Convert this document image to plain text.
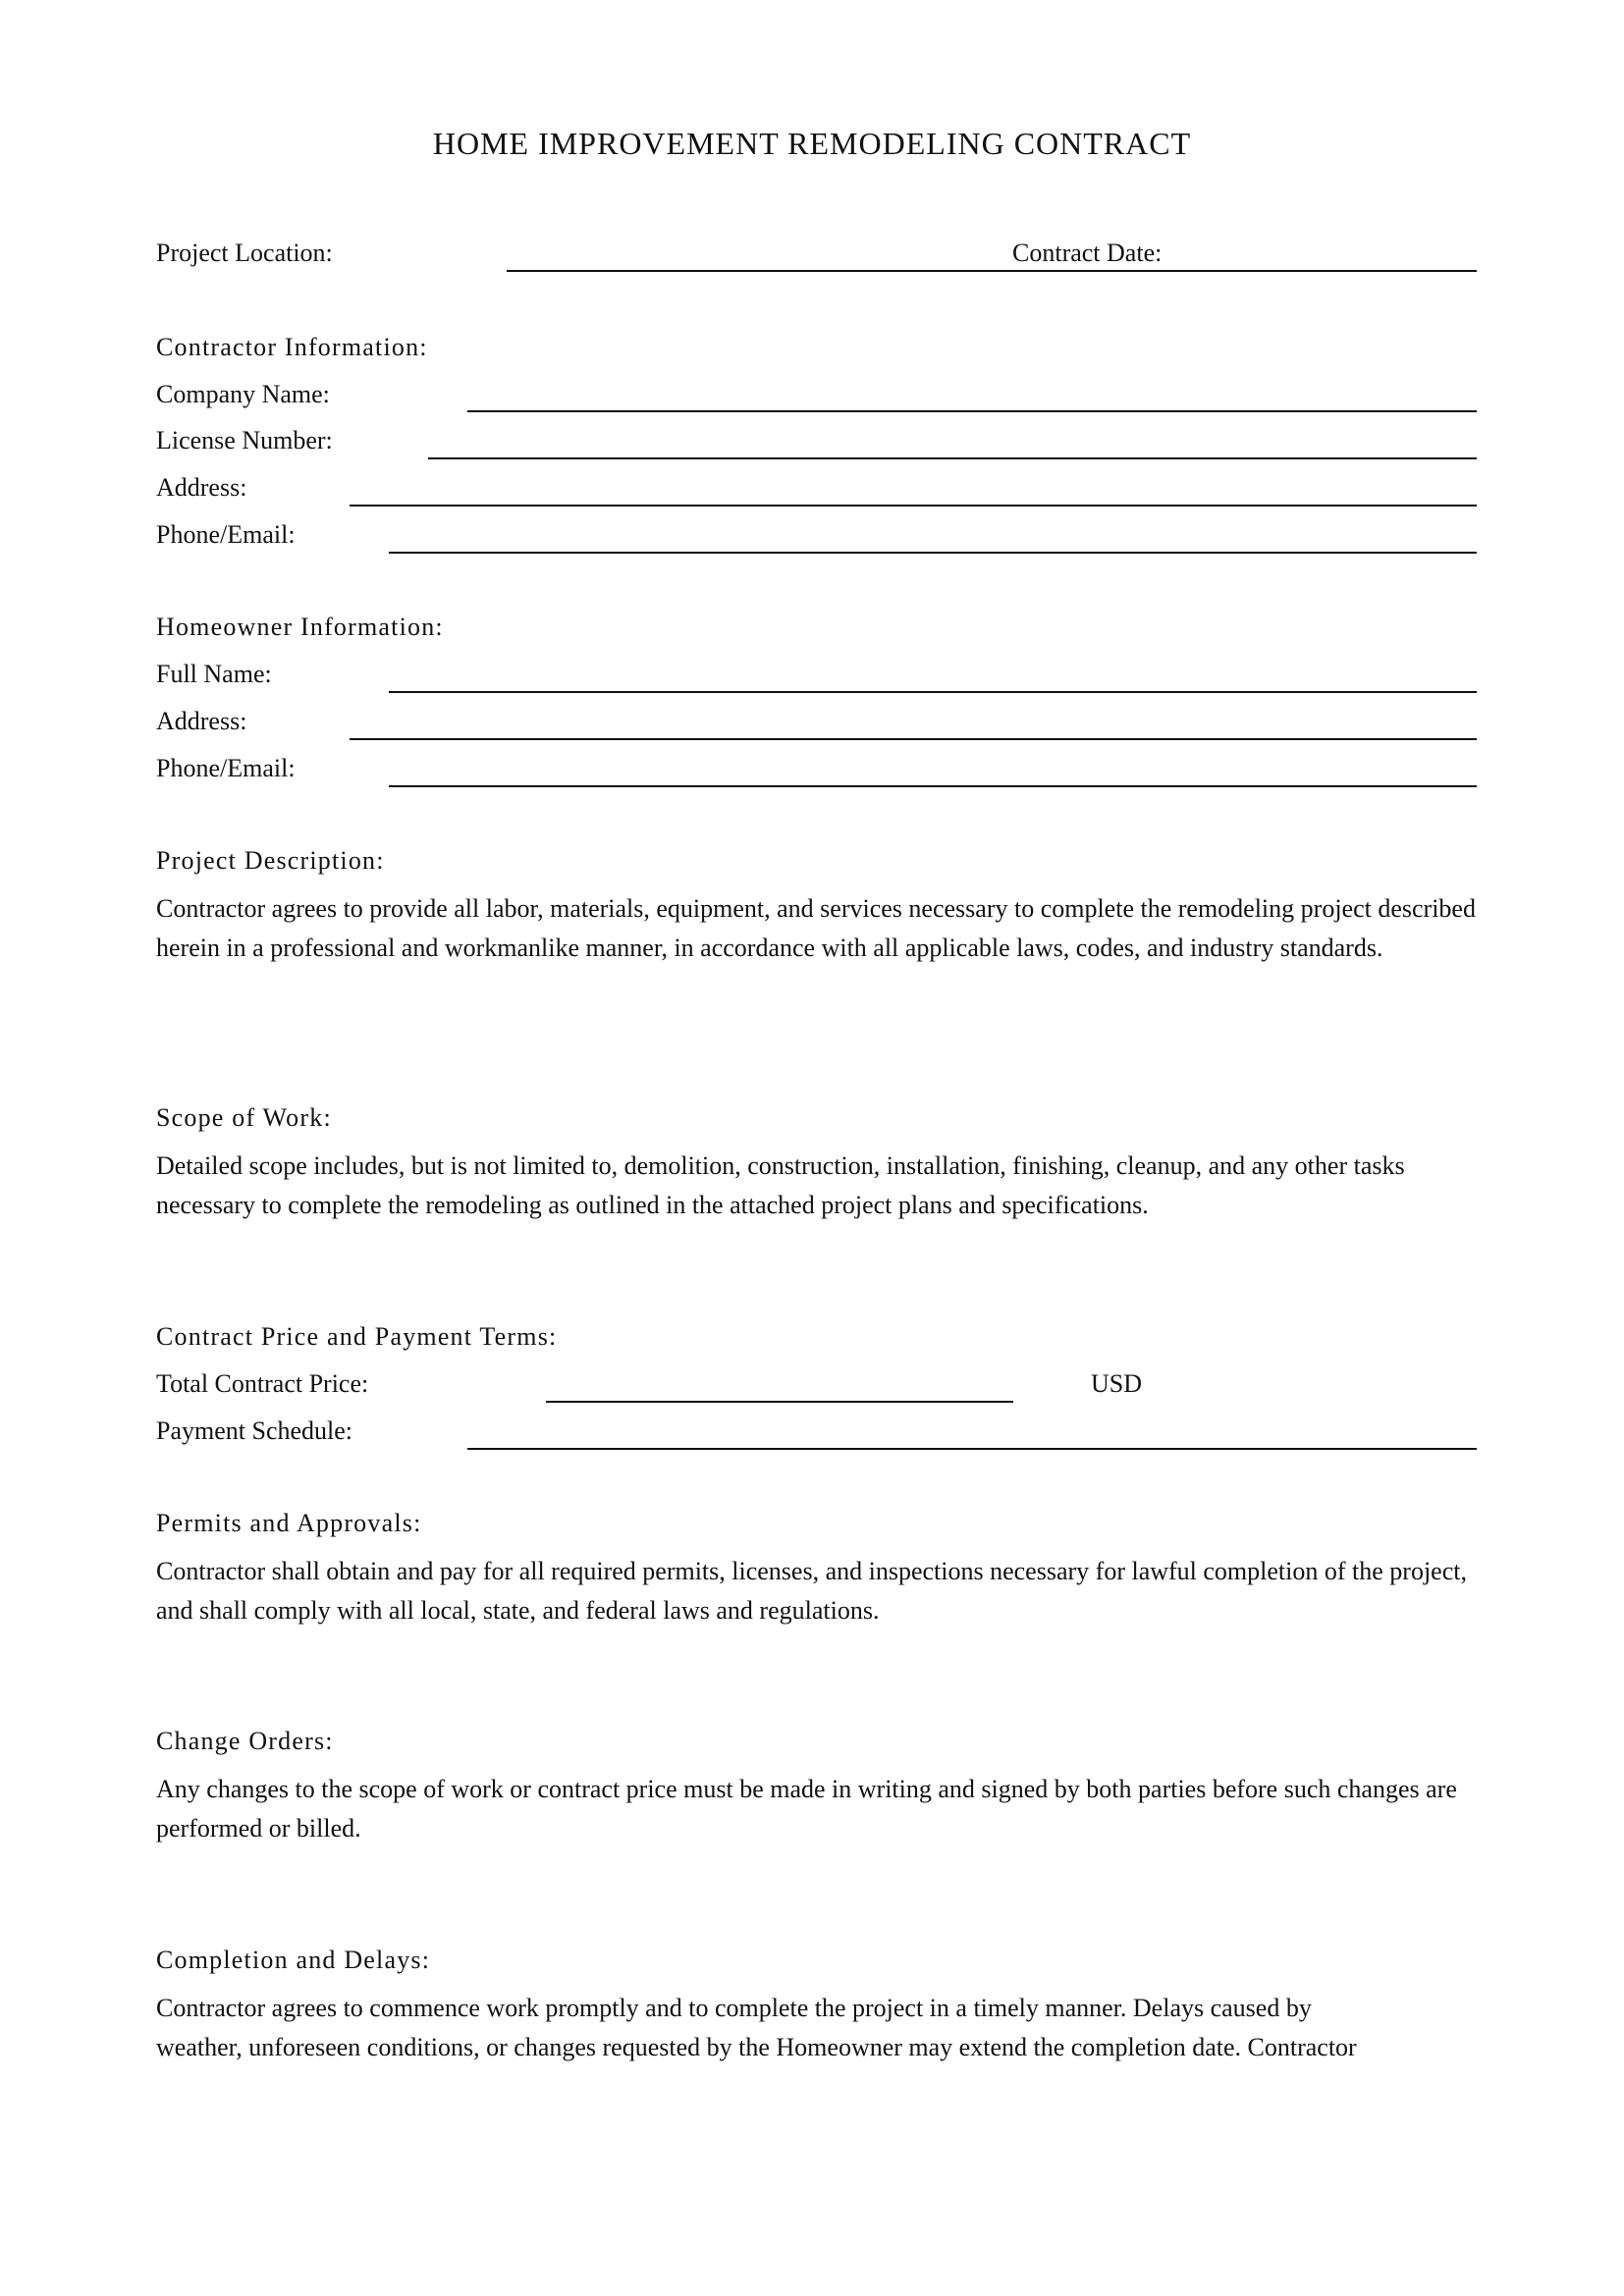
HOME IMPROVEMENT REMODELING CONTRACT
Project Location:	Contract Date:
Contractor Information:
Company Name:
License Number:
Address:
Phone/Email:
Homeowner Information:
Full Name:
Address:
Phone/Email:
Project Description:
Contractor agrees to provide all labor, materials, equipment, and services necessary to complete the remodeling project described herein in a professional and workmanlike manner, in accordance with all applicable laws, codes, and industry standards.
Scope of Work:
Detailed scope includes, but is not limited to, demolition, construction, installation, finishing, cleanup, and any other tasks necessary to complete the remodeling as outlined in the attached project plans and specifications.
Contract Price and Payment Terms:
Total Contract Price:	USD
Payment Schedule:
Permits and Approvals:
Contractor shall obtain and pay for all required permits, licenses, and inspections necessary for lawful completion of the project, and shall comply with all local, state, and federal laws and regulations.
Change Orders:
Any changes to the scope of work or contract price must be made in writing and signed by both parties before such changes are performed or billed.
Completion and Delays:
Contractor agrees to commence work promptly and to complete the project in a timely manner. Delays caused by
weather, unforeseen conditions, or changes requested by the Homeowner may extend the completion date. Contractor
